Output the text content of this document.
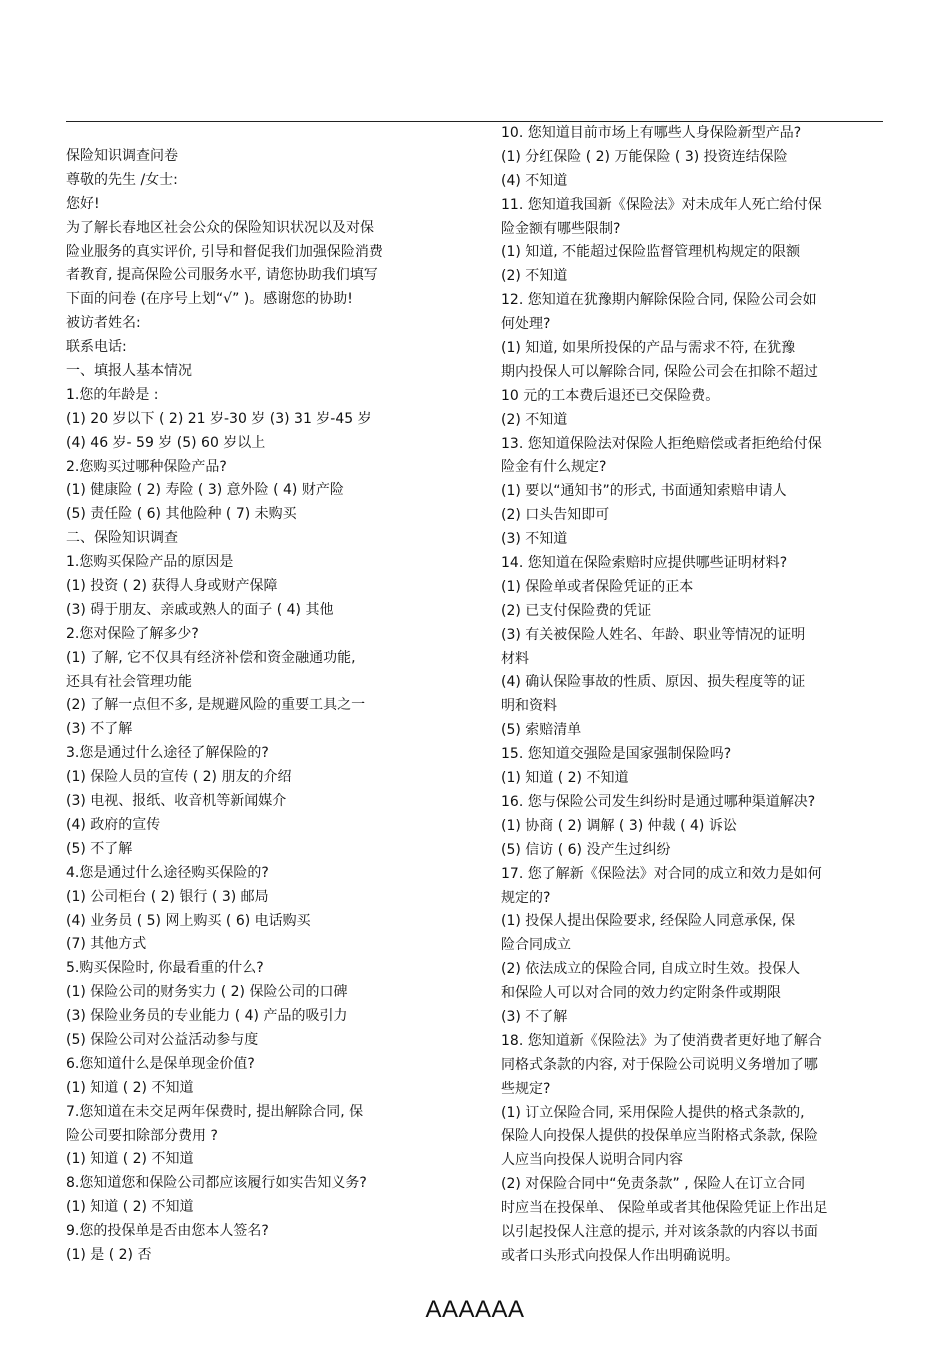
保险知识调查问卷
尊敬的先生 /女士:
您好!
为了解长春地区社会公众的保险知识状况以及对保
险业服务的真实评价, 引导和督促我们加强保险消费
者教育, 提高保险公司服务水平, 请您协助我们填写
下面的问卷 (在序号上划“√” )。感谢您的协助!
被访者姓名:
联系电话:
一、填报人基本情况
1.您的年龄是 :
(1) 20 岁以下 ( 2) 21 岁-30 岁 (3) 31 岁-45 岁
(4) 46 岁- 59 岁 (5) 60 岁以上
2.您购买过哪种保险产品?
(1) 健康险 ( 2) 寿险 ( 3) 意外险 ( 4) 财产险
(5) 责任险 ( 6) 其他险种 ( 7) 未购买
二、保险知识调查
1.您购买保险产品的原因是
(1) 投资 ( 2) 获得人身或财产保障
(3) 碍于朋友、亲戚或熟人的面子 ( 4) 其他
2.您对保险了解多少?
(1) 了解, 它不仅具有经济补偿和资金融通功能,
还具有社会管理功能
(2) 了解一点但不多, 是规避风险的重要工具之一
(3) 不了解
3.您是通过什么途径了解保险的?
(1) 保险人员的宣传 ( 2) 朋友的介绍
(3) 电视、报纸、收音机等新闻媒介
(4) 政府的宣传
(5) 不了解
4.您是通过什么途径购买保险的?
(1) 公司柜台 ( 2) 银行 ( 3) 邮局
(4) 业务员 ( 5) 网上购买 ( 6) 电话购买
(7) 其他方式
5.购买保险时, 你最看重的什么?
(1) 保险公司的财务实力 ( 2) 保险公司的口碑
(3) 保险业务员的专业能力 ( 4) 产品的吸引力
(5) 保险公司对公益活动参与度
6.您知道什么是保单现金价值?
(1) 知道 ( 2) 不知道
7.您知道在未交足两年保费时, 提出解除合同, 保
险公司要扣除部分费用 ?
(1) 知道 ( 2) 不知道
8.您知道您和保险公司都应该履行如实告知义务?
(1) 知道 ( 2) 不知道
9.您的投保单是否由您本人签名?
(1) 是 ( 2) 否
10. 您知道目前市场上有哪些人身保险新型产品?
(1) 分红保险 ( 2) 万能保险 ( 3) 投资连结保险
(4) 不知道
11. 您知道我国新《保险法》对未成年人死亡给付保
险金额有哪些限制?
(1) 知道, 不能超过保险监督管理机构规定的限额
(2) 不知道
12. 您知道在犹豫期内解除保险合同, 保险公司会如
何处理?
(1) 知道, 如果所投保的产品与需求不符, 在犹豫
期内投保人可以解除合同, 保险公司会在扣除不超过
10 元的工本费后退还已交保险费。
(2) 不知道
13. 您知道保险法对保险人拒绝赔偿或者拒绝给付保
险金有什么规定?
(1) 要以“通知书”的形式, 书面通知索赔申请人
(2) 口头告知即可
(3) 不知道
14. 您知道在保险索赔时应提供哪些证明材料?
(1) 保险单或者保险凭证的正本
(2) 已支付保险费的凭证
(3) 有关被保险人姓名、年龄、职业等情况的证明
材料
(4) 确认保险事故的性质、原因、损失程度等的证
明和资料
(5) 索赔清单
15. 您知道交强险是国家强制保险吗?
(1) 知道 ( 2) 不知道
16. 您与保险公司发生纠纷时是通过哪种渠道解决?
(1) 协商 ( 2) 调解 ( 3) 仲裁 ( 4) 诉讼
(5) 信访 ( 6) 没产生过纠纷
17. 您了解新《保险法》对合同的成立和效力是如何
规定的?
(1) 投保人提出保险要求, 经保险人同意承保, 保
险合同成立
(2) 依法成立的保险合同, 自成立时生效。投保人
和保险人可以对合同的效力约定附条件或期限
(3) 不了解
18. 您知道新《保险法》为了使消费者更好地了解合
同格式条款的内容, 对于保险公司说明义务增加了哪
些规定?
(1) 订立保险合同, 采用保险人提供的格式条款的,
保险人向投保人提供的投保单应当附格式条款, 保险
人应当向投保人说明合同内容
(2) 对保险合同中“免责条款” , 保险人在订立合同
时应当在投保单、 保险单或者其他保险凭证上作出足
以引起投保人注意的提示, 并对该条款的内容以书面
或者口头形式向投保人作出明确说明。
AAAAAA
